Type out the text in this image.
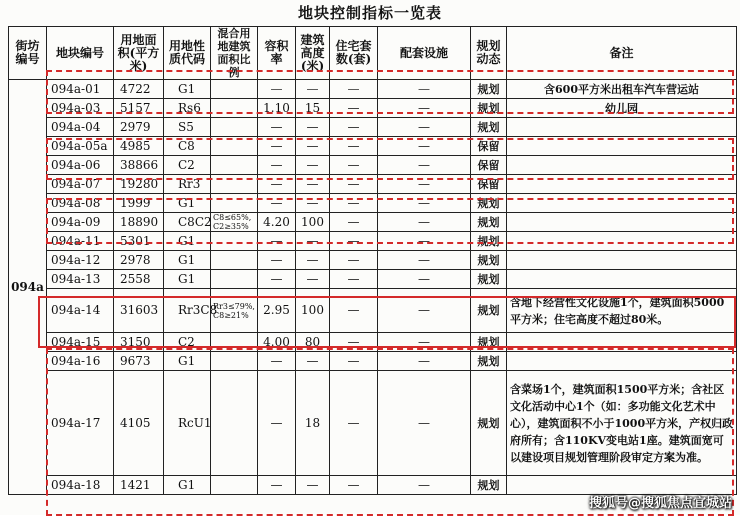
地块控制指标一览表
街坊编号	地块编号	用地面积(平方米)	用地性质代码	混合用地建筑面积比例	容积率	建筑高度(米)	住宅套数(套)	配套设施	规划动态	备注
094a	094a-01	4722	G1		—	—	—	—	规划	含600平方米出租车汽车营运站
	094a-03	5157	Rs6		1.10	15	—	—	规划	幼儿园
	094a-04	2979	S5		—	—	—	—	规划	
	094a-05a	4985	C8		—	—	—	—	保留	
	094a-06	38866	C2		—	—	—	—	保留	
	094a-07	19280	Rr3		—	—	—	—	保留	
	094a-08	1999	G1		—	—	—	—	规划	
	094a-09	18890	C8C2	C8≤65%, C2≥35%	4.20	100	—	—	规划	
	094a-11	5301	G1		—	—	—	—	规划	
	094a-12	2978	G1		—	—	—	—	规划	
	094a-13	2558	G1		—	—	—	—	规划	
	094a-14	31603	Rr3C8	Rr3≤79%, C8≥21%	2.95	100	—	—	规划	含地下经营性文化设施1个，建筑面积5000平方米；住宅高度不超过80米。
	094a-15	3150	C2		4.00	80	—	—	规划	
	094a-16	9673	G1		—	—	—	—	规划	
	094a-17	4105	RcU1		—	18	—	—	规划	含菜场1个，建筑面积1500平方米；含社区文化活动中心1个（如：多功能文化艺术中心），建筑面积不小于1000平方米，产权归政府所有；含110KV变电站1座。建筑面宽可以建设项目规划管理阶段审定方案为准。
	094a-18	1421	G1		—	—	—	—	规划	
搜狐号@搜狐焦点宜城站
